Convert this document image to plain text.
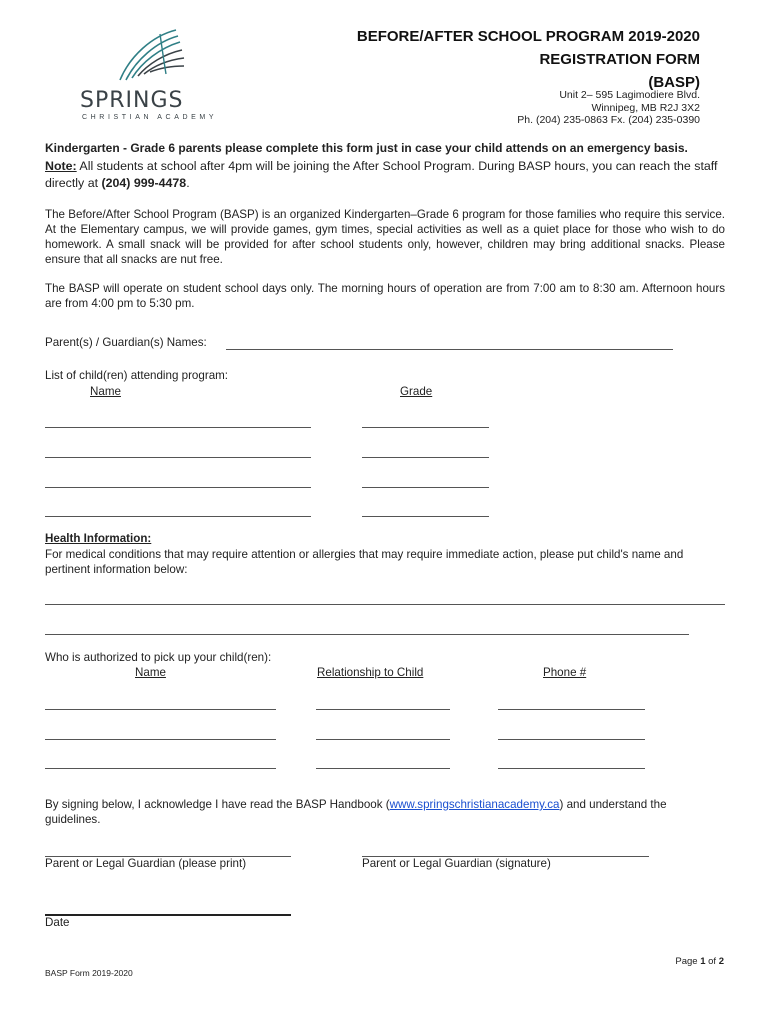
SPRINGS
CHRISTIAN ACADEMY
BEFORE/AFTER SCHOOL PROGRAM 2019-2020
REGISTRATION FORM
(BASP)
Unit 2– 595 Lagimodiere Blvd.
Winnipeg, MB R2J 3X2
Ph. (204) 235-0863 Fx. (204) 235-0390
Kindergarten - Grade 6 parents please complete this form just in case your child attends on an emergency basis.
Note: All students at school after 4pm will be joining the After School Program. During BASP hours, you can reach the staff directly at (204) 999-4478.
The Before/After School Program (BASP) is an organized Kindergarten–Grade 6 program for those families who require this service. At the Elementary campus, we will provide games, gym times, special activities as well as a quiet place for those who wish to do homework. A small snack will be provided for after school students only, however, children may bring additional snacks. Please ensure that all snacks are nut free.
The BASP will operate on student school days only. The morning hours of operation are from 7:00 am to 8:30 am. Afternoon hours are from 4:00 pm to 5:30 pm.
Parent(s) / Guardian(s) Names:
List of child(ren) attending program:
Name	Grade
Health Information:
For medical conditions that may require attention or allergies that may require immediate action, please put child's name and pertinent information below:
Who is authorized to pick up your child(ren):
Name	Relationship to Child	Phone #
By signing below, I acknowledge I have read the BASP Handbook (www.springschristianacademy.ca) and understand the guidelines.
Parent or Legal Guardian (please print)	Parent or Legal Guardian (signature)
Date
Page 1 of 2
BASP Form 2019-2020
